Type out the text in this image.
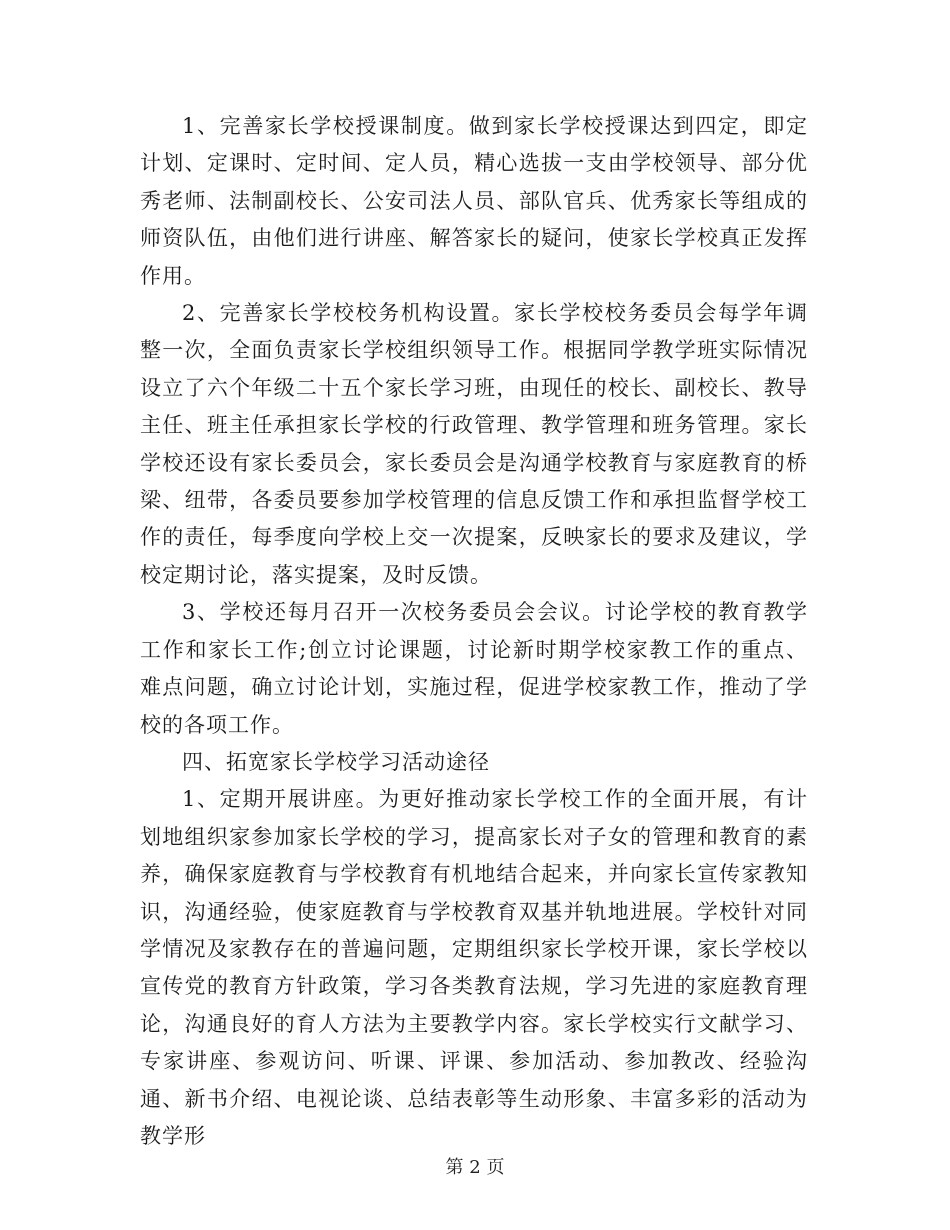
1、完善家长学校授课制度。做到家长学校授课达到四定，即定计划、定课时、定时间、定人员，精心选拔一支由学校领导、部分优秀老师、法制副校长、公安司法人员、部队官兵、优秀家长等组成的师资队伍，由他们进行讲座、解答家长的疑问，使家长学校真正发挥作用。

2、完善家长学校校务机构设置。家长学校校务委员会每学年调整一次，全面负责家长学校组织领导工作。根据同学教学班实际情况设立了六个年级二十五个家长学习班，由现任的校长、副校长、教导主任、班主任承担家长学校的行政管理、教学管理和班务管理。家长学校还设有家长委员会，家长委员会是沟通学校教育与家庭教育的桥梁、纽带，各委员要参加学校管理的信息反馈工作和承担监督学校工作的责任，每季度向学校上交一次提案，反映家长的要求及建议，学校定期讨论，落实提案，及时反馈。

3、学校还每月召开一次校务委员会会议。讨论学校的教育教学工作和家长工作;创立讨论课题，讨论新时期学校家教工作的重点、难点问题，确立讨论计划，实施过程，促进学校家教工作，推动了学校的各项工作。

四、拓宽家长学校学习活动途径

1、定期开展讲座。为更好推动家长学校工作的全面开展，有计划地组织家参加家长学校的学习，提高家长对子女的管理和教育的素养，确保家庭教育与学校教育有机地结合起来，并向家长宣传家教知识，沟通经验，使家庭教育与学校教育双基并轨地进展。学校针对同学情况及家教存在的普遍问题，定期组织家长学校开课，家长学校以宣传党的教育方针政策，学习各类教育法规，学习先进的家庭教育理论，沟通良好的育人方法为主要教学内容。家长学校实行文献学习、专家讲座、参观访问、听课、评课、参加活动、参加教改、经验沟通、新书介绍、电视论谈、总结表彰等生动形象、丰富多彩的活动为教学形

第 2 页
